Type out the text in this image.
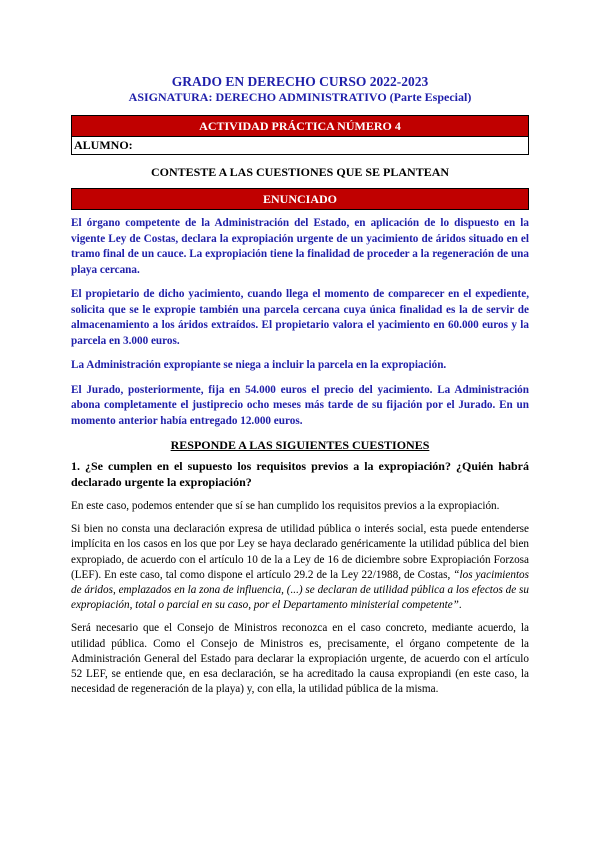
GRADO EN DERECHO CURSO 2022-2023
ASIGNATURA: DERECHO ADMINISTRATIVO (Parte Especial)
ACTIVIDAD PRÁCTICA NÚMERO 4
ALUMNO:
CONTESTE A LAS CUESTIONES QUE SE PLANTEAN
ENUNCIADO

El órgano competente de la Administración del Estado, en aplicación de lo dispuesto en la vigente Ley de Costas, declara la expropiación urgente de un yacimiento de áridos situado en el tramo final de un cauce. La expropiación tiene la finalidad de proceder a la regeneración de una playa cercana.

El propietario de dicho yacimiento, cuando llega el momento de comparecer en el expediente, solicita que se le expropie también una parcela cercana cuya única finalidad es la de servir de almacenamiento a los áridos extraídos. El propietario valora el yacimiento en 60.000 euros y la parcela en 3.000 euros.

La Administración expropiante se niega a incluir la parcela en la expropiación.

El Jurado, posteriormente, fija en 54.000 euros el precio del yacimiento. La Administración abona completamente el justiprecio ocho meses más tarde de su fijación por el Jurado. En un momento anterior había entregado 12.000 euros.

RESPONDE A LAS SIGUIENTES CUESTIONES

1. ¿Se cumplen en el supuesto los requisitos previos a la expropiación? ¿Quién habrá declarado urgente la expropiación?

En este caso, podemos entender que sí se han cumplido los requisitos previos a la expropiación.

Si bien no consta una declaración expresa de utilidad pública o interés social, esta puede entenderse implícita en los casos en los que por Ley se haya declarado genéricamente la utilidad pública del bien expropiado, de acuerdo con el artículo 10 de la a Ley de 16 de diciembre sobre Expropiación Forzosa (LEF). En este caso, tal como dispone el artículo 29.2 de la Ley 22/1988, de Costas, “los yacimientos de áridos, emplazados en la zona de influencia, (...) se declaran de utilidad pública a los efectos de su expropiación, total o parcial en su caso, por el Departamento ministerial competente”.

Será necesario que el Consejo de Ministros reconozca en el caso concreto, mediante acuerdo, la utilidad pública. Como el Consejo de Ministros es, precisamente, el órgano competente de la Administración General del Estado para declarar la expropiación urgente, de acuerdo con el artículo 52 LEF, se entiende que, en esa declaración, se ha acreditado la causa expropiandi (en este caso, la necesidad de regeneración de la playa) y, con ella, la utilidad pública de la misma.
